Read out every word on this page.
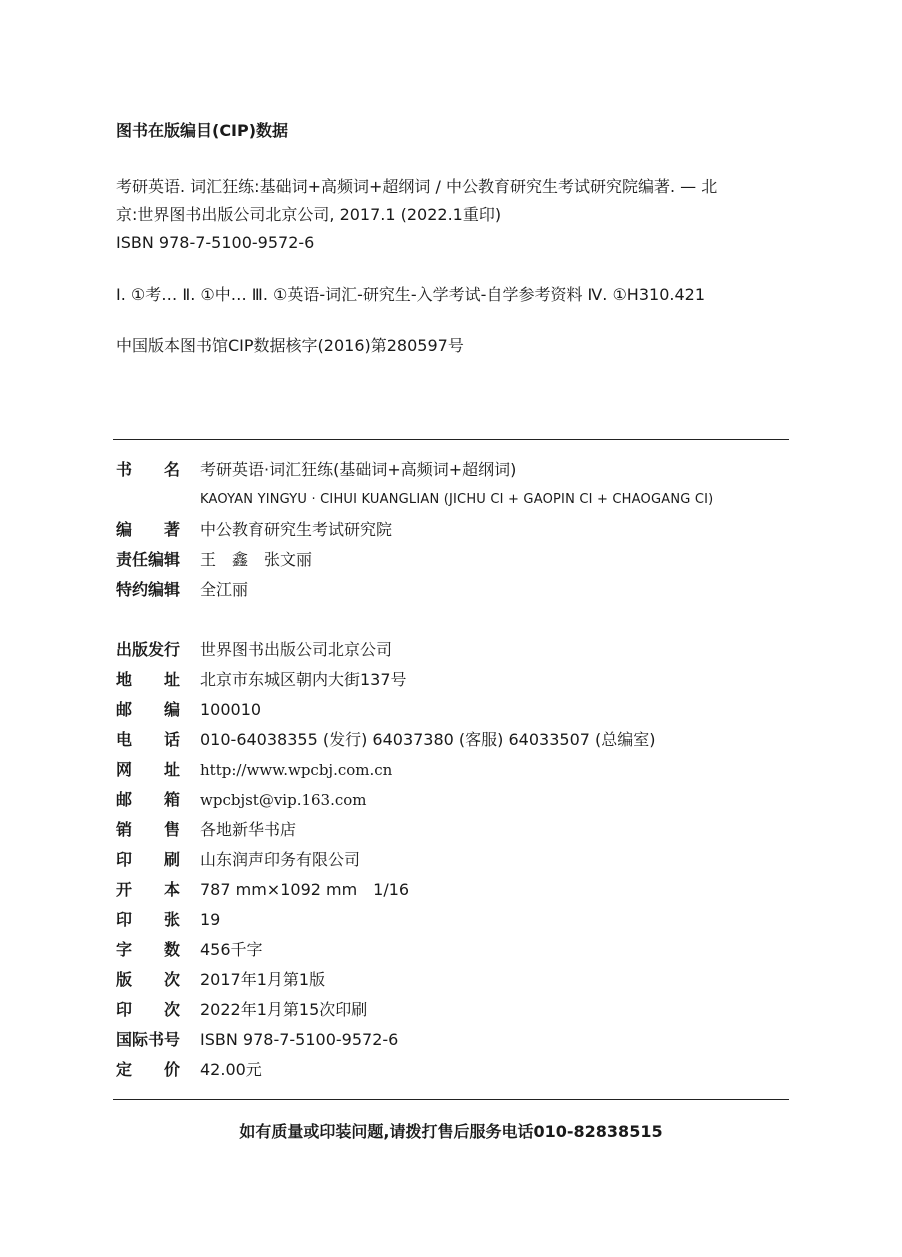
图书在版编目(CIP)数据
考研英语. 词汇狂练:基础词+高频词+超纲词 / 中公教育研究生考试研究院编著. — 北
京:世界图书出版公司北京公司, 2017.1 (2022.1重印)
ISBN 978-7-5100-9572-6
Ⅰ. ①考… Ⅱ. ①中… Ⅲ. ①英语-词汇-研究生-入学考试-自学参考资料 Ⅳ. ①H310.421
中国版本图书馆CIP数据核字(2016)第280597号
书　　名 考研英语·词汇狂练(基础词+高频词+超纲词)
KAOYAN YINGYU · CIHUI KUANGLIAN (JICHU CI + GAOPIN CI + CHAOGANG CI)
编　　著 中公教育研究生考试研究院
责任编辑 王　鑫　张文丽
特约编辑 全江丽
出版发行 世界图书出版公司北京公司
地　　址 北京市东城区朝内大街137号
邮　　编 100010
电　　话 010-64038355 (发行) 64037380 (客服) 64033507 (总编室)
网　　址 http://www.wpcbj.com.cn
邮　　箱 wpcbjst@vip.163.com
销　　售 各地新华书店
印　　刷 山东润声印务有限公司
开　　本 787 mm×1092 mm　1/16
印　　张 19
字　　数 456千字
版　　次 2017年1月第1版
印　　次 2022年1月第15次印刷
国际书号 ISBN 978-7-5100-9572-6
定　　价 42.00元
如有质量或印装问题,请拨打售后服务电话010-82838515
